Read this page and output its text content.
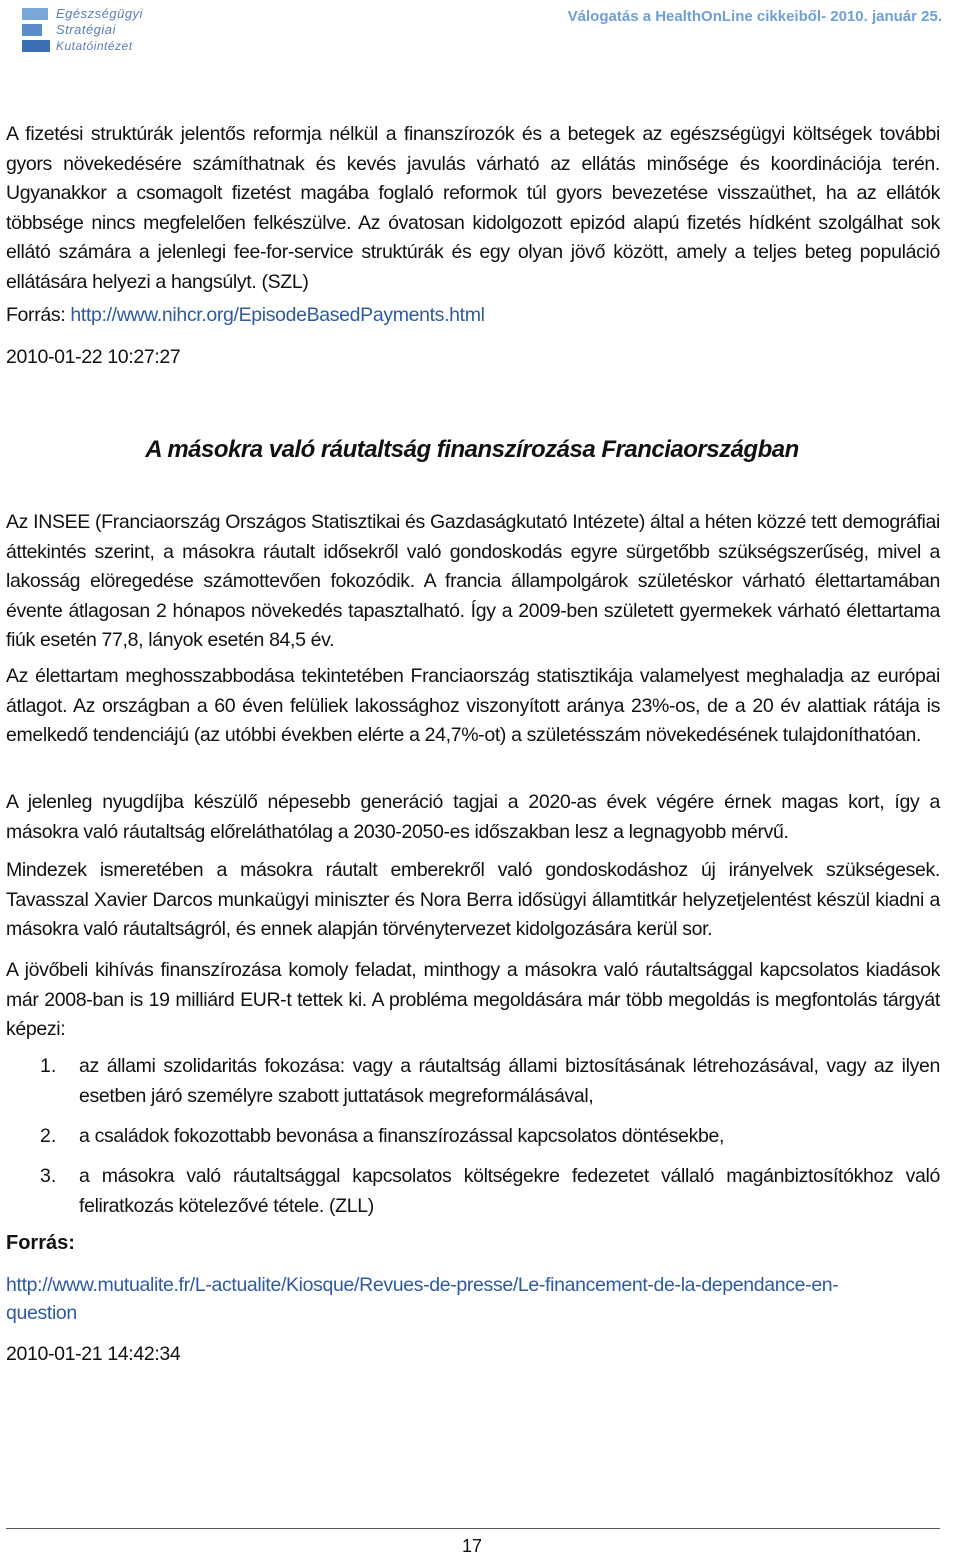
Egészségügyi
Stratégiai
Kutatóintézet
Válogatás a HealthOnLine cikkeiből- 2010. január 25.

A fizetési struktúrák jelentős reformja nélkül a finanszírozók és a betegek az egészségügyi költségek további gyors növekedésére számíthatnak és kevés javulás várható az ellátás minősége és koordinációja terén. Ugyanakkor a csomagolt fizetést magába foglaló reformok túl gyors bevezetése visszaüthet, ha az ellátók többsége nincs megfelelően felkészülve. Az óvatosan kidolgozott epizód alapú fizetés hídként szolgálhat sok ellátó számára a jelenlegi fee-for-service struktúrák és egy olyan jövő között, amely a teljes beteg populáció ellátására helyezi a hangsúlyt. (SZL)

Forrás: http://www.nihcr.org/EpisodeBasedPayments.html
2010-01-22 10:27:27
A másokra való ráutaltság finanszírozása Franciaországban

Az INSEE (Franciaország Országos Statisztikai és Gazdaságkutató Intézete) által a héten közzé tett demográfiai áttekintés szerint, a másokra ráutalt idősekről való gondoskodás egyre sürgetőbb szükségszerűség, mivel a lakosság elöregedése számottevően fokozódik. A francia állampolgárok születéskor várható élettartamában évente átlagosan 2 hónapos növekedés tapasztalható. Így a 2009-ben született gyermekek várható élettartama fiúk esetén 77,8, lányok esetén 84,5 év.

Az élettartam meghosszabbodása tekintetében Franciaország statisztikája valamelyest meghaladja az európai átlagot. Az országban a 60 éven felüliek lakossághoz viszonyított aránya 23%-os, de a 20 év alattiak rátája is emelkedő tendenciájú (az utóbbi években elérte a 24,7%-ot) a születésszám növekedésének tulajdoníthatóan.

A jelenleg nyugdíjba készülő népesebb generáció tagjai a 2020-as évek végére érnek magas kort, így a másokra való ráutaltság előreláthatólag a 2030-2050-es időszakban lesz a legnagyobb mérvű.

Mindezek ismeretében a másokra ráutalt emberekről való gondoskodáshoz új irányelvek szükségesek. Tavasszal Xavier Darcos munkaügyi miniszter és Nora Berra idősügyi államtitkár helyzetjelentést készül kiadni a másokra való ráutaltságról, és ennek alapján törvénytervezet kidolgozására kerül sor.

A jövőbeli kihívás finanszírozása komoly feladat, minthogy a másokra való ráutaltsággal kapcsolatos kiadások már 2008-ban is 19 milliárd EUR-t tettek ki. A probléma megoldására már több megoldás is megfontolás tárgyát képezi:

1. az állami szolidaritás fokozása: vagy a ráutaltság állami biztosításának létrehozásával, vagy az ilyen esetben járó személyre szabott juttatások megreformálásával,
2. a családok fokozottabb bevonása a finanszírozással kapcsolatos döntésekbe,
3. a másokra való ráutaltsággal kapcsolatos költségekre fedezetet vállaló magánbiztosítókhoz való feliratkozás kötelezővé tétele. (ZLL)
Forrás:
http://www.mutualite.fr/L-actualite/Kiosque/Revues-de-presse/Le-financement-de-la-dependance-en-
question
2010-01-21 14:42:34
17
